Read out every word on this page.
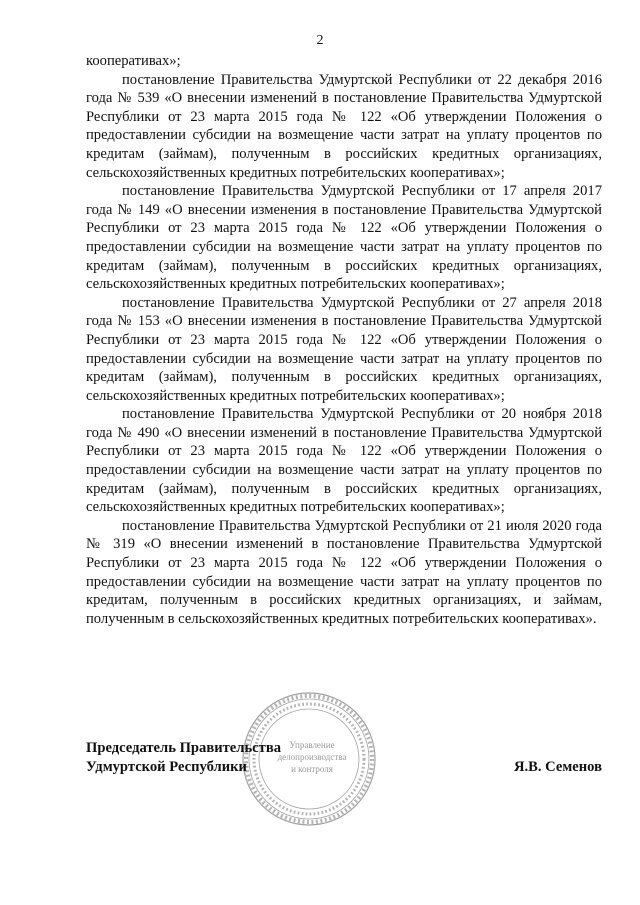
2

кооперативах»;

постановление Правительства Удмуртской Республики от 22 декабря 2016 года № 539 «О внесении изменений в постановление Правительства Удмуртской Республики от 23 марта 2015 года № 122 «Об утверждении Положения о предоставлении субсидии на возмещение части затрат на уплату процентов по кредитам (займам), полученным в российских кредитных организациях, сельскохозяйственных кредитных потребительских кооперативах»;

постановление Правительства Удмуртской Республики от 17 апреля 2017 года № 149 «О внесении изменения в постановление Правительства Удмуртской Республики от 23 марта 2015 года № 122 «Об утверждении Положения о предоставлении субсидии на возмещение части затрат на уплату процентов по кредитам (займам), полученным в российских кредитных организациях, сельскохозяйственных кредитных потребительских кооперативах»;

постановление Правительства Удмуртской Республики от 27 апреля 2018 года № 153 «О внесении изменения в постановление Правительства Удмуртской Республики от 23 марта 2015 года № 122 «Об утверждении Положения о предоставлении субсидии на возмещение части затрат на уплату процентов по кредитам (займам), полученным в российских кредитных организациях, сельскохозяйственных кредитных потребительских кооперативах»;

постановление Правительства Удмуртской Республики от 20 ноября 2018 года № 490 «О внесении изменений в постановление Правительства Удмуртской Республики от 23 марта 2015 года № 122 «Об утверждении Положения о предоставлении субсидии на возмещение части затрат на уплату процентов по кредитам (займам), полученным в российских кредитных организациях, сельскохозяйственных кредитных потребительских кооперативах»;

постановление Правительства Удмуртской Республики от 21 июля 2020 года № 319 «О внесении изменений в постановление Правительства Удмуртской Республики от 23 марта 2015 года № 122 «Об утверждении Положения о предоставлении субсидии на возмещение части затрат на уплату процентов по кредитам, полученным в российских кредитных организациях, и займам, полученным в сельскохозяйственных кредитных потребительских кооперативах».

Управление
делопроизводства
и контроля
Председатель Правительства
Удмуртской Республики	Я.В. Семенов
